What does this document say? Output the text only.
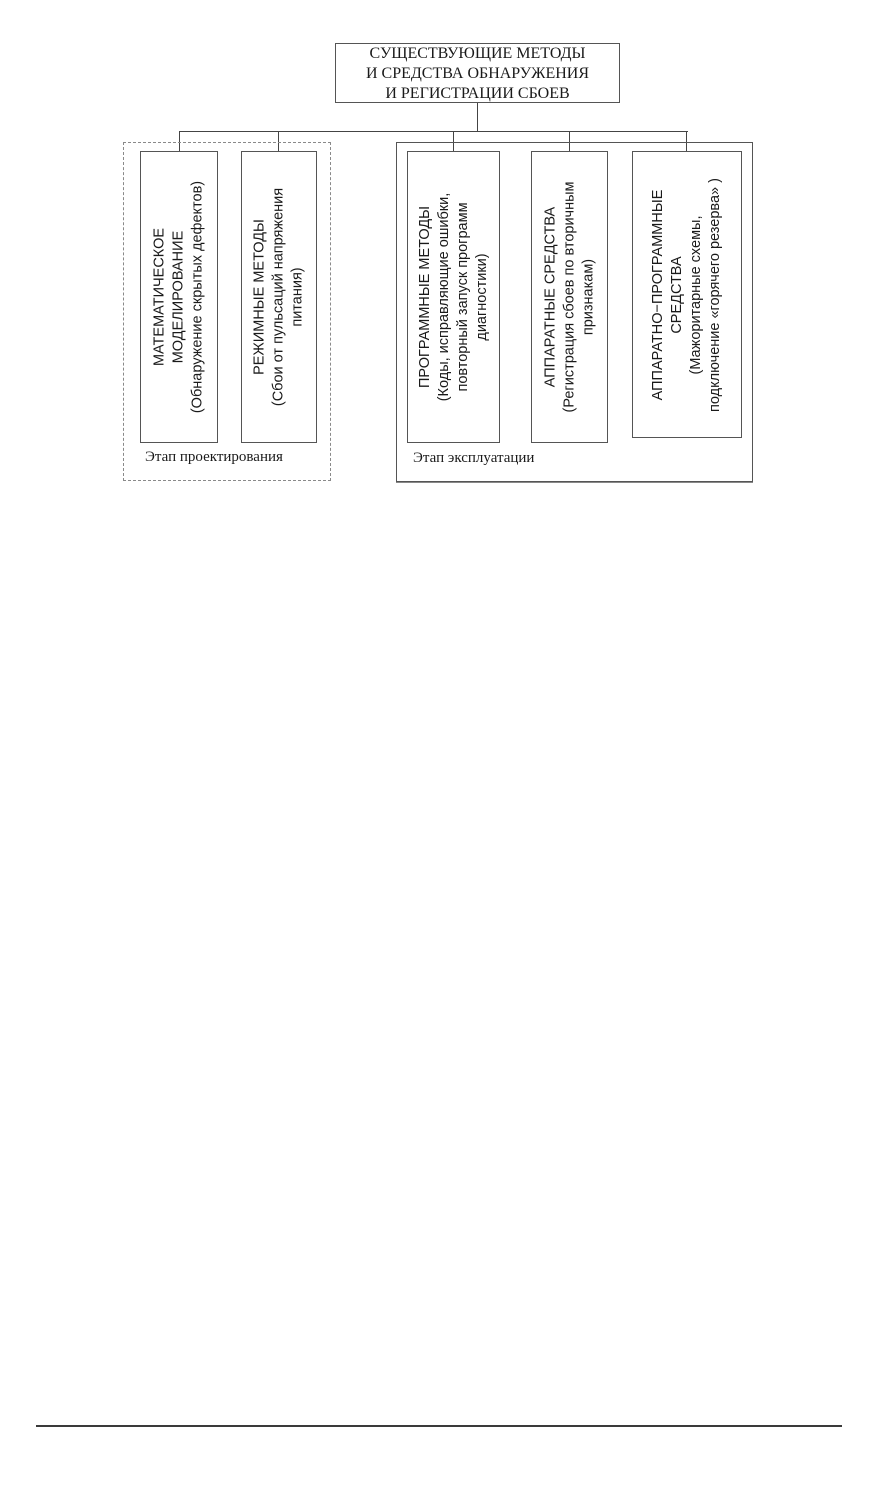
СУЩЕСТВУЮЩИЕ МЕТОДЫ
И СРЕДСТВА ОБНАРУЖЕНИЯ
И РЕГИСТРАЦИИ СБОЕВ
Этап проектирования	Этап эксплуатации
МАТЕМАТИЧЕСКОЕ МОДЕЛИРОВАНИЕ (Обнаружение скрытых дефектов)	РЕЖИМНЫЕ МЕТОДЫ (Сбои от пульсаций напряжения питания)	ПРОГРАММНЫЕ МЕТОДЫ (Коды, исправляющие ошибки, повторный запуск программ диагностики)	АППАРАТНЫЕ СРЕДСТВА (Регистрация сбоев по вторичным признакам)	АППАРАТНО−ПРОГРАММНЫЕ СРЕДСТВА (Мажоритарные схемы, подключение «горячего резерва» )
